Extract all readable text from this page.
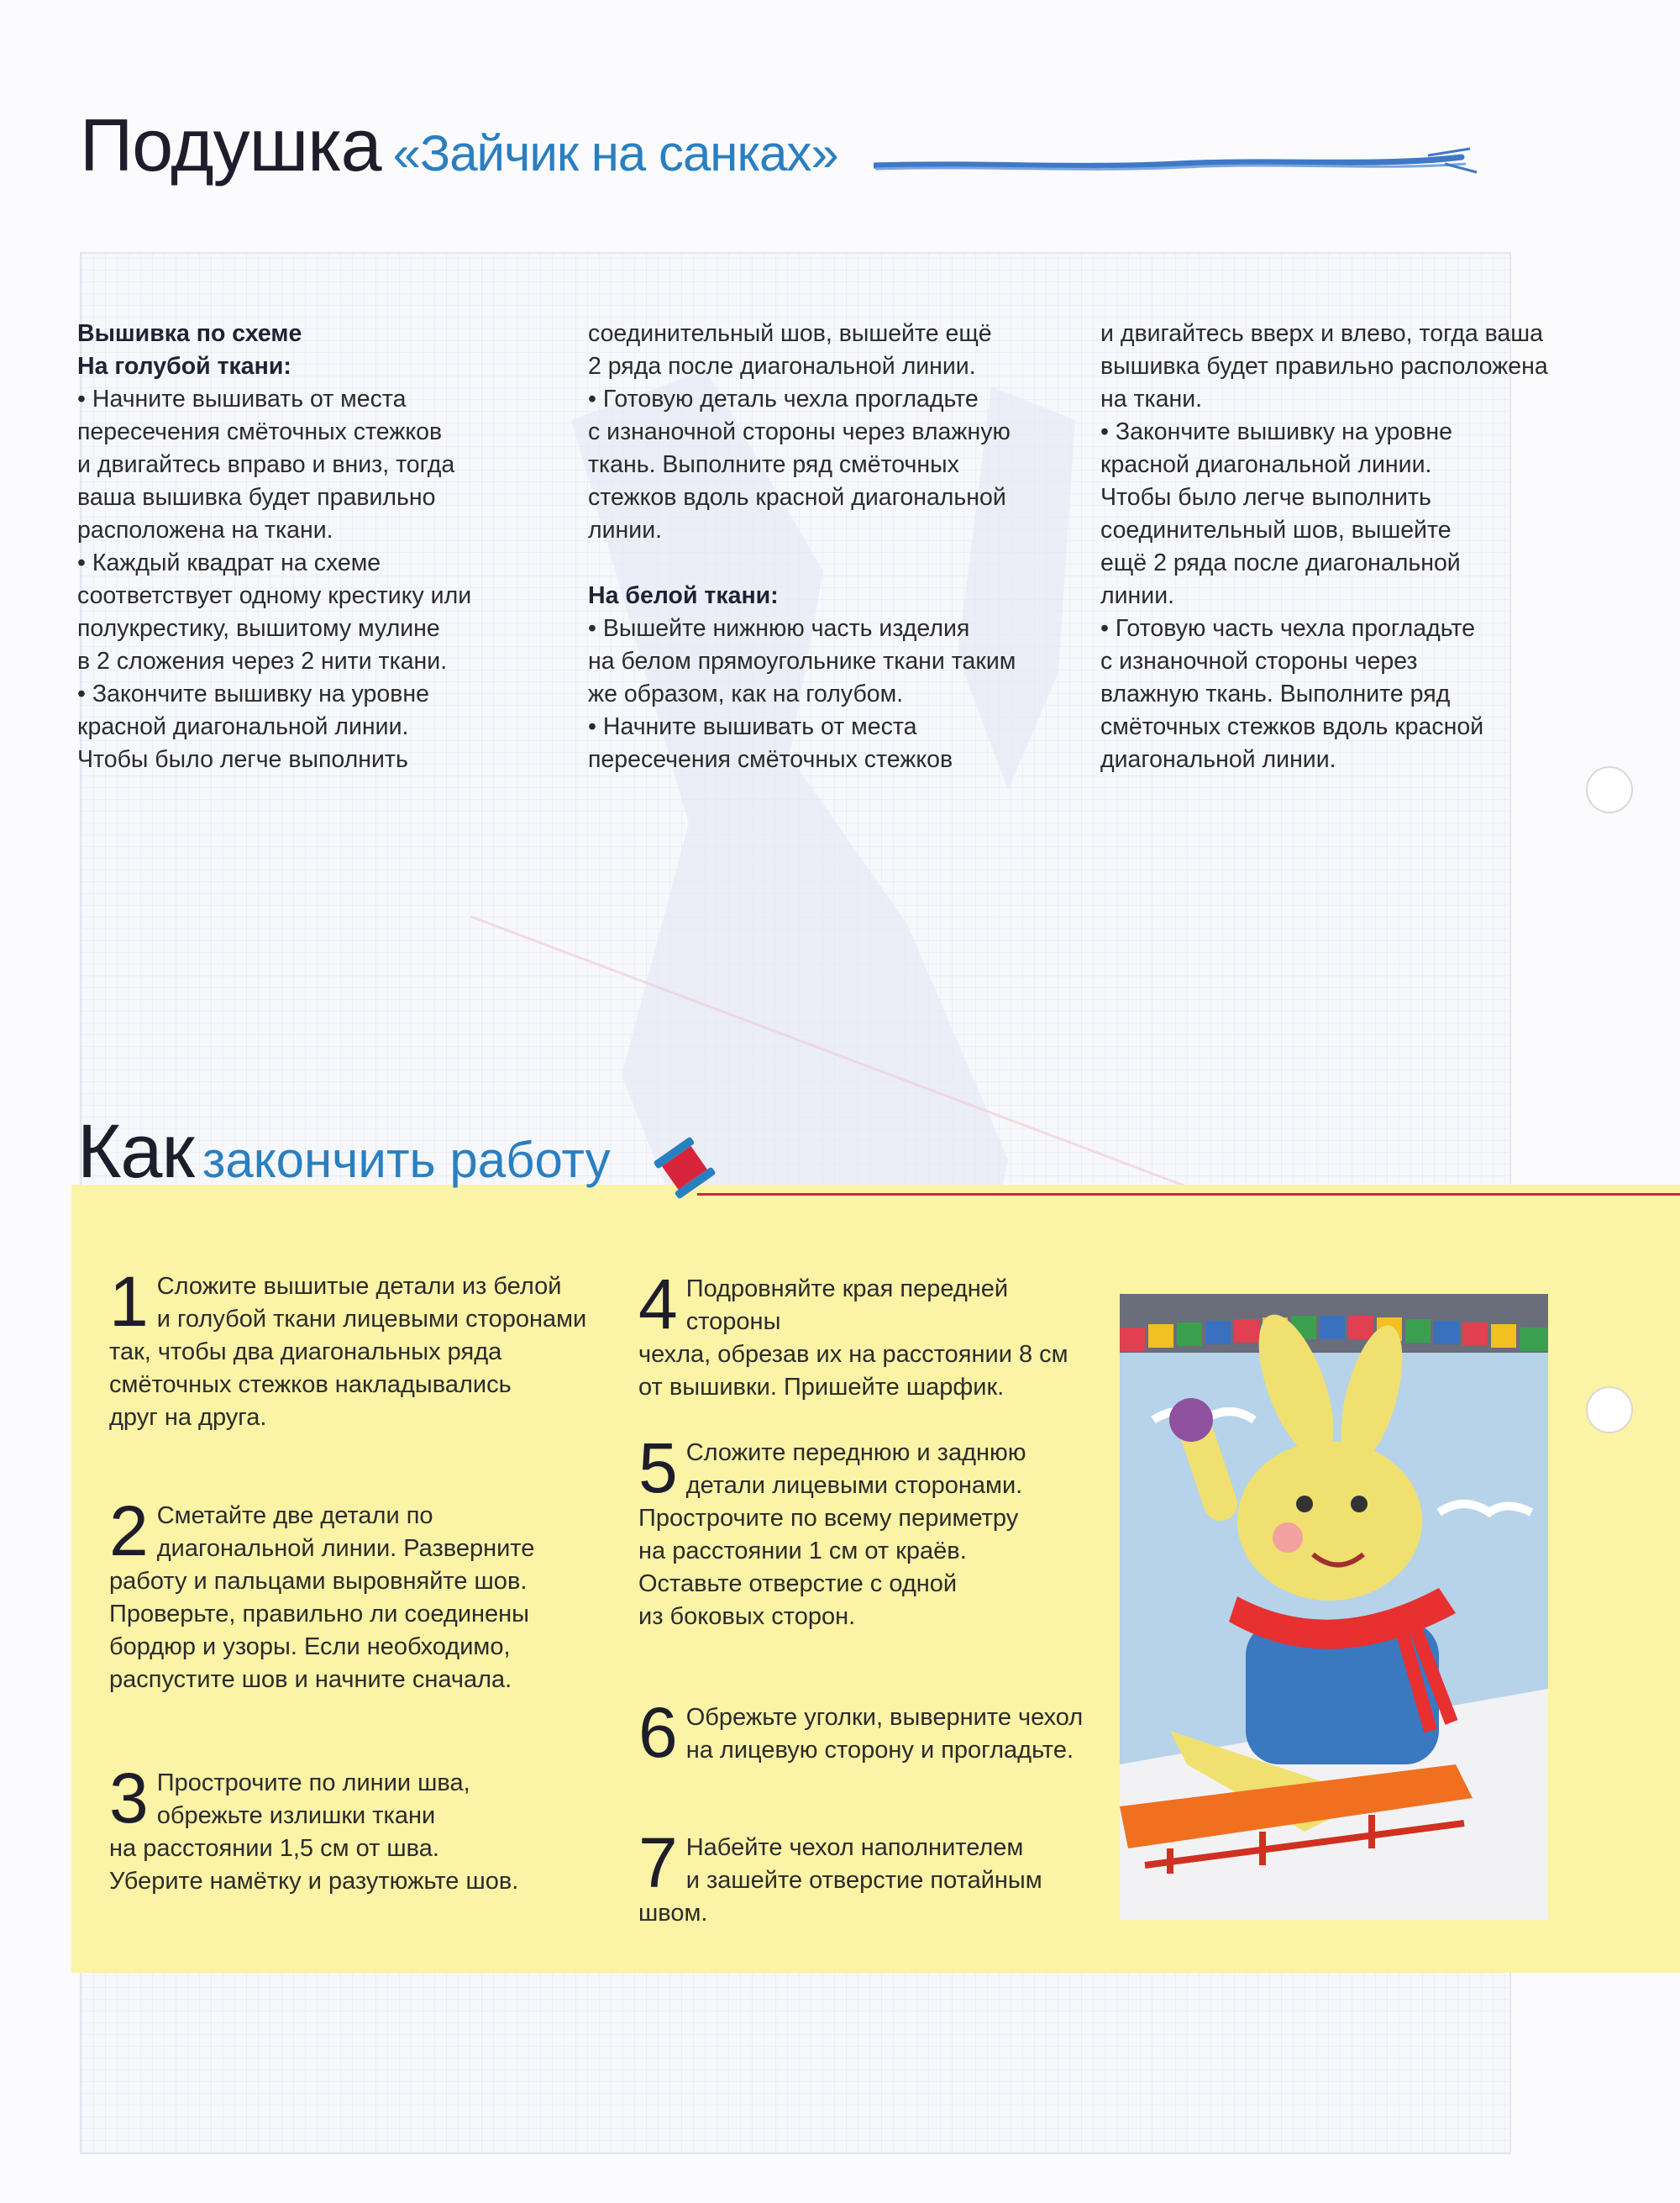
Подушка «Зайчик на санках»

Вышивка по схеме

На голубой ткани:

• Начните вышивать от места

пересечения смёточных стежков

и двигайтесь вправо и вниз, тогда

ваша вышивка будет правильно

расположена на ткани.

• Каждый квадрат на схеме

соответствует одному крестику или

полукрестику, вышитому мулине

в 2 сложения через 2 нити ткани.

• Закончите вышивку на уровне

красной диагональной линии.

Чтобы было легче выполнить

соединительный шов, вышейте ещё

2 ряда после диагональной линии.

• Готовую деталь чехла прогладьте

с изнаночной стороны через влажную

ткань. Выполните ряд смёточных

стежков вдоль красной диагональной

линии.

На белой ткани:

• Вышейте нижнюю часть изделия

на белом прямоугольнике ткани таким

же образом, как на голубом.

• Начните вышивать от места

пересечения смёточных стежков

и двигайтесь вверх и влево, тогда ваша

вышивка будет правильно расположена

на ткани.

• Закончите вышивку на уровне

красной диагональной линии.

Чтобы было легче выполнить

соединительный шов, вышейте

ещё 2 ряда после диагональной

линии.

• Готовую часть чехла прогладьте

с изнаночной стороны через

влажную ткань. Выполните ряд

смёточных стежков вдоль красной

диагональной линии.

Как закончить работу
1 Сложите вышитые детали из белой
и голубой ткани лицевыми сторонами
так, чтобы два диагональных ряда
смёточных стежков накладывались
друг на друга.
2 Сметайте две детали по
диагональной линии. Разверните
работу и пальцами выровняйте шов.
Проверьте, правильно ли соединены
бордюр и узоры. Если необходимо,
распустите шов и начните сначала.
3 Прострочите по линии шва,
обрежьте излишки ткани
на расстоянии 1,5 см от шва.
Уберите намётку и разутюжьте шов.
4 Подровняйте края передней стороны
чехла, обрезав их на расстоянии 8 см
от вышивки. Пришейте шарфик.
5 Сложите переднюю и заднюю
детали лицевыми сторонами.
Прострочите по всему периметру
на расстоянии 1 см от краёв.
Оставьте отверстие с одной
из боковых сторон.
6 Обрежьте уголки, выверните чехол
на лицевую сторону и прогладьте.
7 Набейте чехол наполнителем
и зашейте отверстие потайным швом.
